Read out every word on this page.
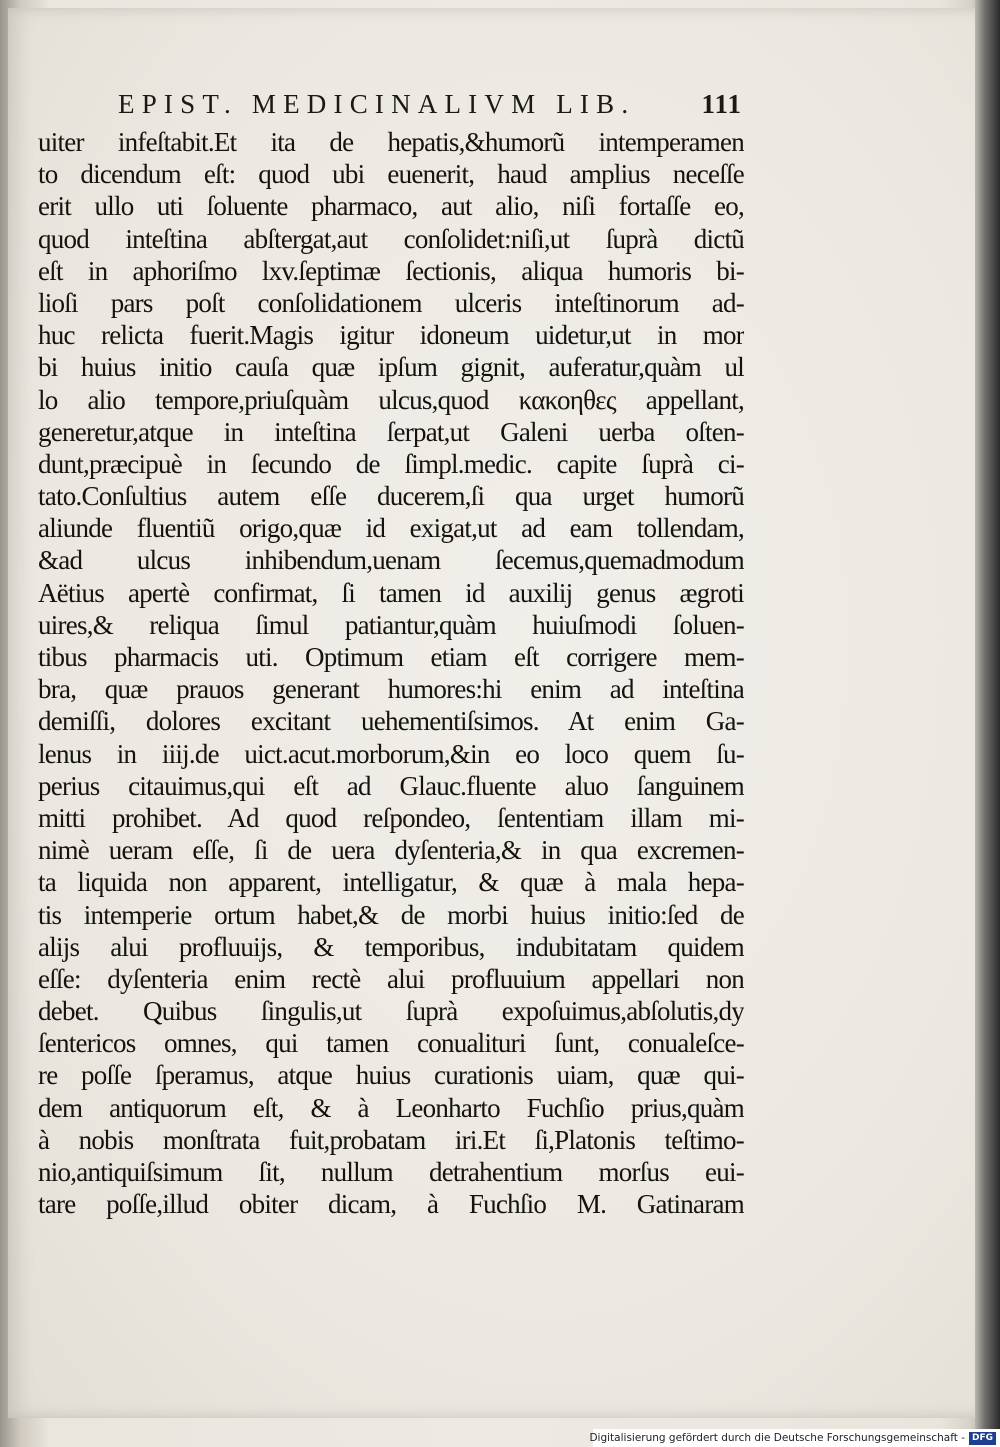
EPIST. MEDICINALIVM LIB.	111
uiter infeſtabit.Et ita de hepatis,&humorũ intemperamen
to dicendum eſt: quod ubi euenerit, haud amplius neceſſe
erit ullo uti ſoluente pharmaco, aut alio, niſi fortaſſe eo,
quod inteſtina abſtergat,aut conſolidet:niſi,ut ſuprà dictũ
eſt in aphoriſmo lxv.ſeptimæ ſectionis, aliqua humoris bi-
lioſi pars poſt conſolidationem ulceris inteſtinorum ad-
huc relicta fuerit.Magis igitur idoneum uidetur,ut in mor
bi huius initio cauſa quæ ipſum gignit, auferatur,quàm ul
lo alio tempore,priuſquàm ulcus,quod κακοηθες appellant,
generetur,atque in inteſtina ſerpat,ut Galeni uerba oſten-
dunt,præcipuè in ſecundo de ſimpl.medic. capite ſuprà ci-
tato.Conſultius autem eſſe ducerem,ſi qua urget humorũ
aliunde fluentiũ origo,quæ id exigat,ut ad eam tollendam,
&ad ulcus inhibendum,uenam ſecemus,quemadmodum
Aëtius apertè confirmat, ſi tamen id auxilij genus ægroti
uires,& reliqua ſimul patiantur,quàm huiuſmodi ſoluen-
tibus pharmacis uti. Optimum etiam eſt corrigere mem-
bra, quæ prauos generant humores:hi enim ad inteſtina
demiſſi, dolores excitant uehementiſsimos. At enim Ga-
lenus in iiij.de uict.acut.morborum,&in eo loco quem ſu-
perius citauimus,qui eſt ad Glauc.fluente aluo ſanguinem
mitti prohibet. Ad quod reſpondeo, ſententiam illam mi-
nimè ueram eſſe, ſi de uera dyſenteria,& in qua excremen-
ta liquida non apparent, intelligatur, & quæ à mala hepa-
tis intemperie ortum habet,& de morbi huius initio:ſed de
alijs alui profluuijs, & temporibus, indubitatam quidem
eſſe: dyſenteria enim rectè alui profluuium appellari non
debet. Quibus ſingulis,ut ſuprà expoſuimus,abſolutis,dy
ſentericos omnes, qui tamen conualituri ſunt, conualeſce-
re poſſe ſperamus, atque huius curationis uiam, quæ qui-
dem antiquorum eſt, & à Leonharto Fuchſio prius,quàm
à nobis monſtrata fuit,probatam iri.Et ſi,Platonis teſtimo-
nio,antiquiſsimum ſit, nullum detrahentium morſus eui-
tare poſſe,illud obiter dicam, à Fuchſio M. Gatinaram
Digitalisierung gefördert durch die Deutsche Forschungsgemeinschaft - DFG
